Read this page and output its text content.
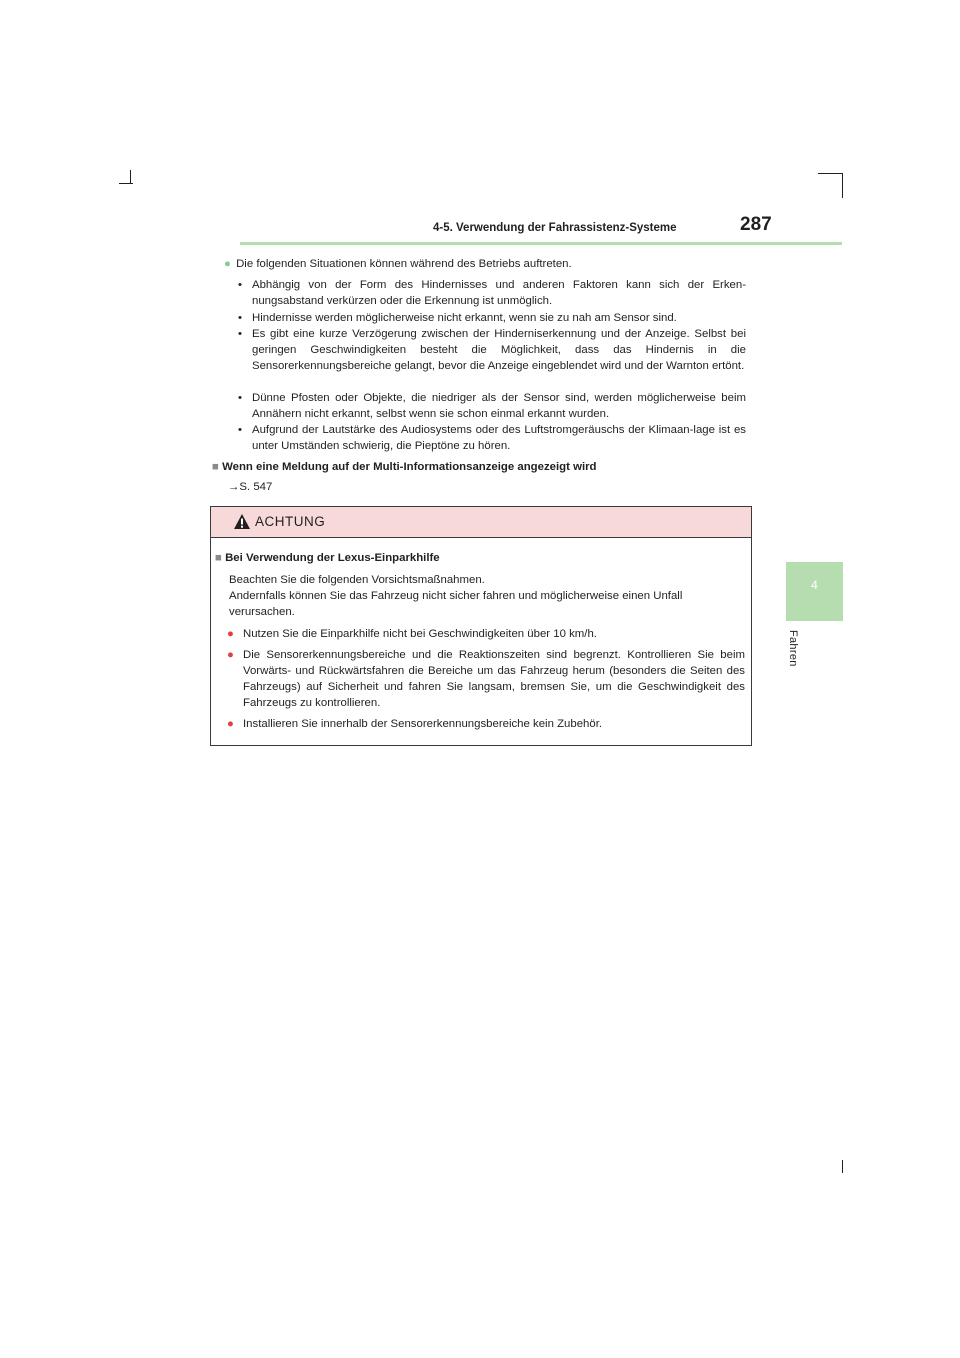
4-5. Verwendung der Fahrassistenz-Systeme	287
4
Fahren
● Die folgenden Situationen können während des Betriebs auftreten.
• Abhängig von der Form des Hindernisses und anderen Faktoren kann sich der Erken-nungsabstand verkürzen oder die Erkennung ist unmöglich.
• Hindernisse werden möglicherweise nicht erkannt, wenn sie zu nah am Sensor sind.
• Es gibt eine kurze Verzögerung zwischen der Hinderniserkennung und der Anzeige. Selbst bei geringen Geschwindigkeiten besteht die Möglichkeit, dass das Hindernis in die Sensorerkennungsbereiche gelangt, bevor die Anzeige eingeblendet wird und der Warnton ertönt.
• Dünne Pfosten oder Objekte, die niedriger als der Sensor sind, werden möglicherweise beim Annähern nicht erkannt, selbst wenn sie schon einmal erkannt wurden.
• Aufgrund der Lautstärke des Audiosystems oder des Luftstromgeräuschs der Klimaan-lage ist es unter Umständen schwierig, die Pieptöne zu hören.
■ Wenn eine Meldung auf der Multi-Informationsanzeige angezeigt wird
→S. 547
ACHTUNG
■ Bei Verwendung der Lexus-Einparkhilfe
Beachten Sie die folgenden Vorsichtsmaßnahmen.
Andernfalls können Sie das Fahrzeug nicht sicher fahren und möglicherweise einen Unfall verursachen.
● Nutzen Sie die Einparkhilfe nicht bei Geschwindigkeiten über 10 km/h.
● Die Sensorerkennungsbereiche und die Reaktionszeiten sind begrenzt. Kontrollieren Sie beim Vorwärts- und Rückwärtsfahren die Bereiche um das Fahrzeug herum (besonders die Seiten des Fahrzeugs) auf Sicherheit und fahren Sie langsam, bremsen Sie, um die Geschwindigkeit des Fahrzeugs zu kontrollieren.
● Installieren Sie innerhalb der Sensorerkennungsbereiche kein Zubehör.
